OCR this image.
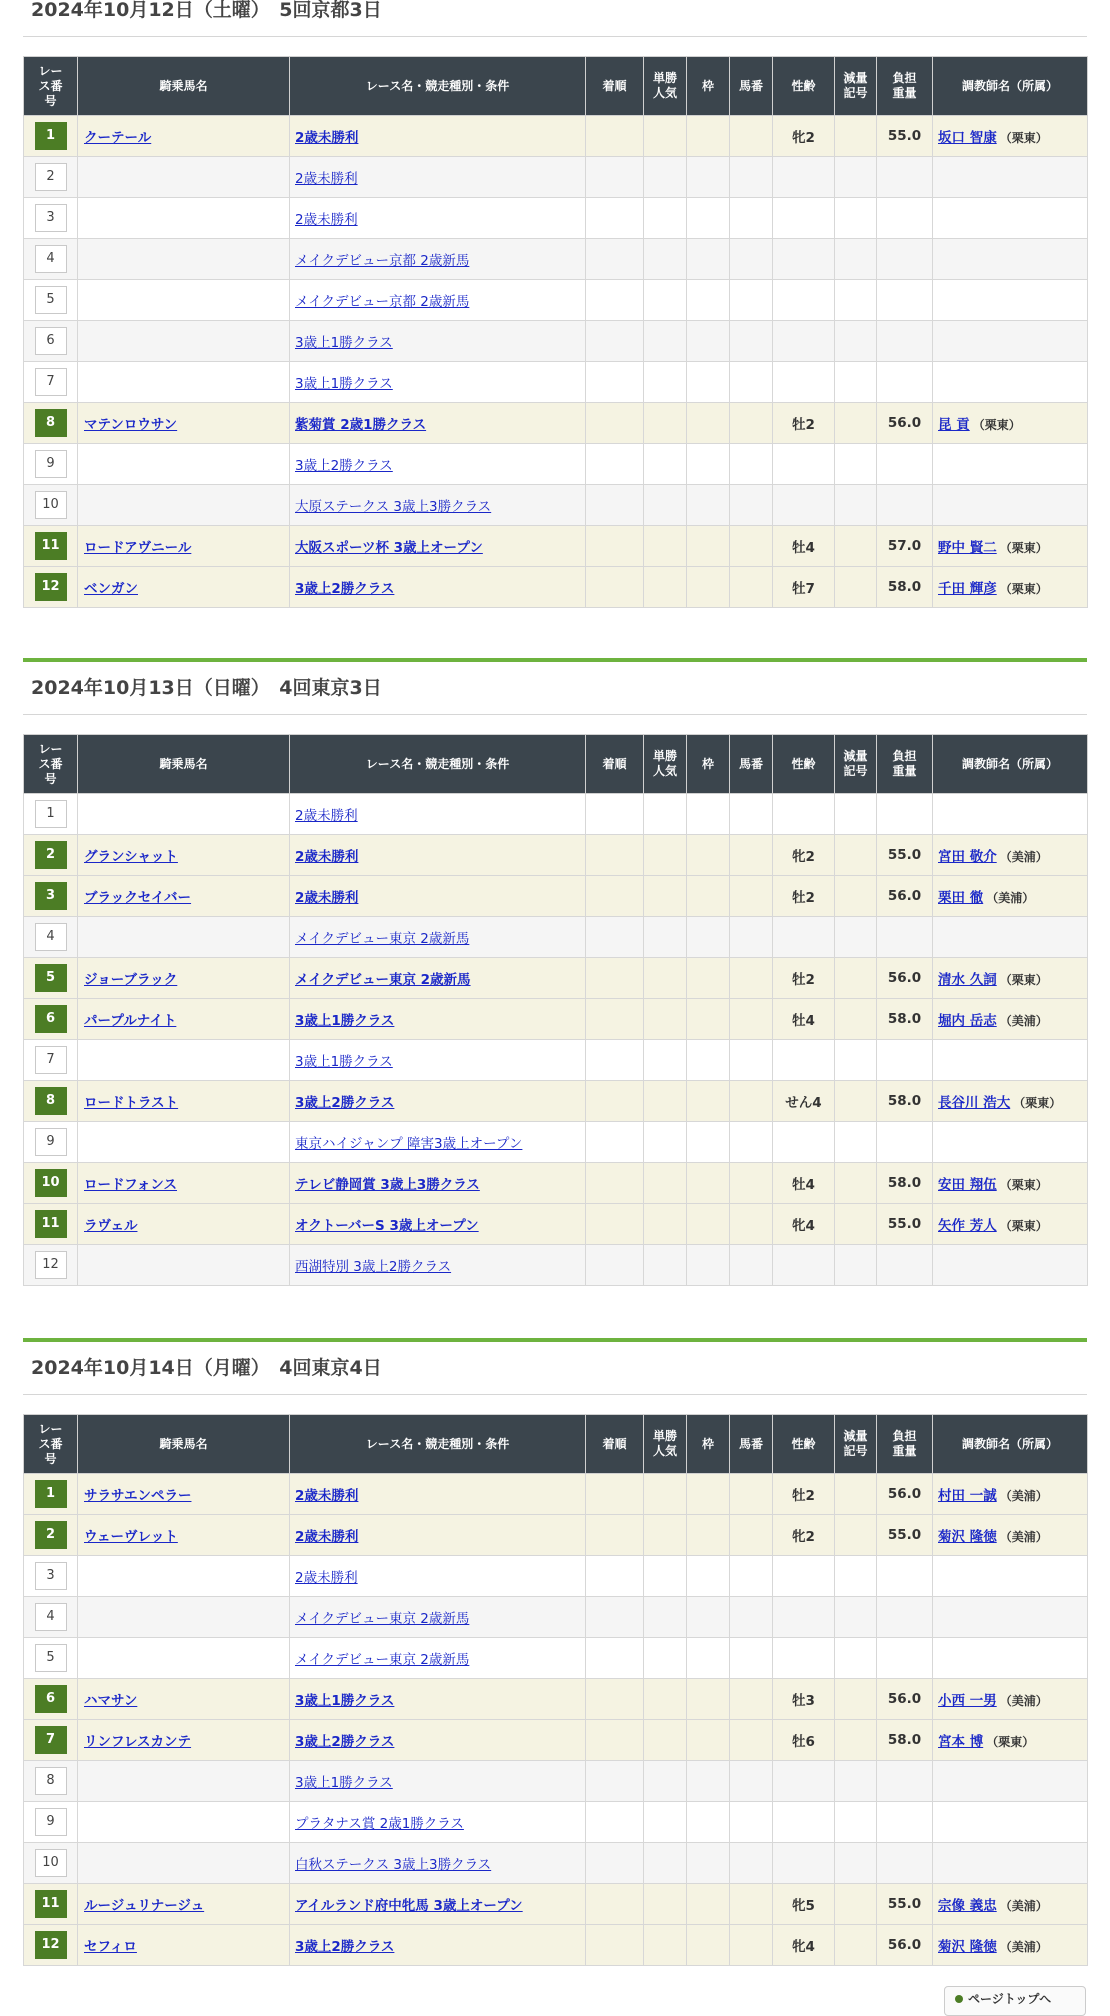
2024年10月12日（土曜）　5回京都3日
レース番号	騎乗馬名	レース名・競走種別・条件	着順	単勝人気	枠	馬番	性齢	減量記号	負担重量	調教師名（所属）
1	クーテール	2歳未勝利					牝2		55.0	坂口 智康 （栗東）
2		2歳未勝利								
3		2歳未勝利								
4		メイクデビュー京都 2歳新馬								
5		メイクデビュー京都 2歳新馬								
6		3歳上1勝クラス								
7		3歳上1勝クラス								
8	マテンロウサン	紫菊賞 2歳1勝クラス					牡2		56.0	昆 貢 （栗東）
9		3歳上2勝クラス								
10		大原ステークス 3歳上3勝クラス								
11	ロードアヴニール	大阪スポーツ杯 3歳上オープン					牡4		57.0	野中 賢二 （栗東）
12	ベンガン	3歳上2勝クラス					牡7		58.0	千田 輝彦 （栗東）
2024年10月13日（日曜）　4回東京3日
レース番号	騎乗馬名	レース名・競走種別・条件	着順	単勝人気	枠	馬番	性齢	減量記号	負担重量	調教師名（所属）
1		2歳未勝利								
2	グランシャット	2歳未勝利					牝2		55.0	宮田 敬介 （美浦）
3	ブラックセイバー	2歳未勝利					牡2		56.0	栗田 徹 （美浦）
4		メイクデビュー東京 2歳新馬								
5	ジョーブラック	メイクデビュー東京 2歳新馬					牡2		56.0	清水 久詞 （栗東）
6	パープルナイト	3歳上1勝クラス					牡4		58.0	堀内 岳志 （美浦）
7		3歳上1勝クラス								
8	ロードトラスト	3歳上2勝クラス					せん4		58.0	長谷川 浩大 （栗東）
9		東京ハイジャンプ 障害3歳上オープン								
10	ロードフォンス	テレビ静岡賞 3歳上3勝クラス					牡4		58.0	安田 翔伍 （栗東）
11	ラヴェル	オクトーバーS 3歳上オープン					牝4		55.0	矢作 芳人 （栗東）
12		西湖特別 3歳上2勝クラス								
2024年10月14日（月曜）　4回東京4日
レース番号	騎乗馬名	レース名・競走種別・条件	着順	単勝人気	枠	馬番	性齢	減量記号	負担重量	調教師名（所属）
1	サラサエンペラー	2歳未勝利					牡2		56.0	村田 一誠 （美浦）
2	ウェーヴレット	2歳未勝利					牝2		55.0	菊沢 隆徳 （美浦）
3		2歳未勝利								
4		メイクデビュー東京 2歳新馬								
5		メイクデビュー東京 2歳新馬								
6	ハマサン	3歳上1勝クラス					牡3		56.0	小西 一男 （美浦）
7	リンフレスカンテ	3歳上2勝クラス					牡6		58.0	宮本 博 （栗東）
8		3歳上1勝クラス								
9		プラタナス賞 2歳1勝クラス								
10		白秋ステークス 3歳上3勝クラス								
11	ルージュリナージュ	アイルランド府中牝馬 3歳上オープン					牝5		55.0	宗像 義忠 （美浦）
12	セフィロ	3歳上2勝クラス					牝4		56.0	菊沢 隆徳 （美浦）
ページトップへ
